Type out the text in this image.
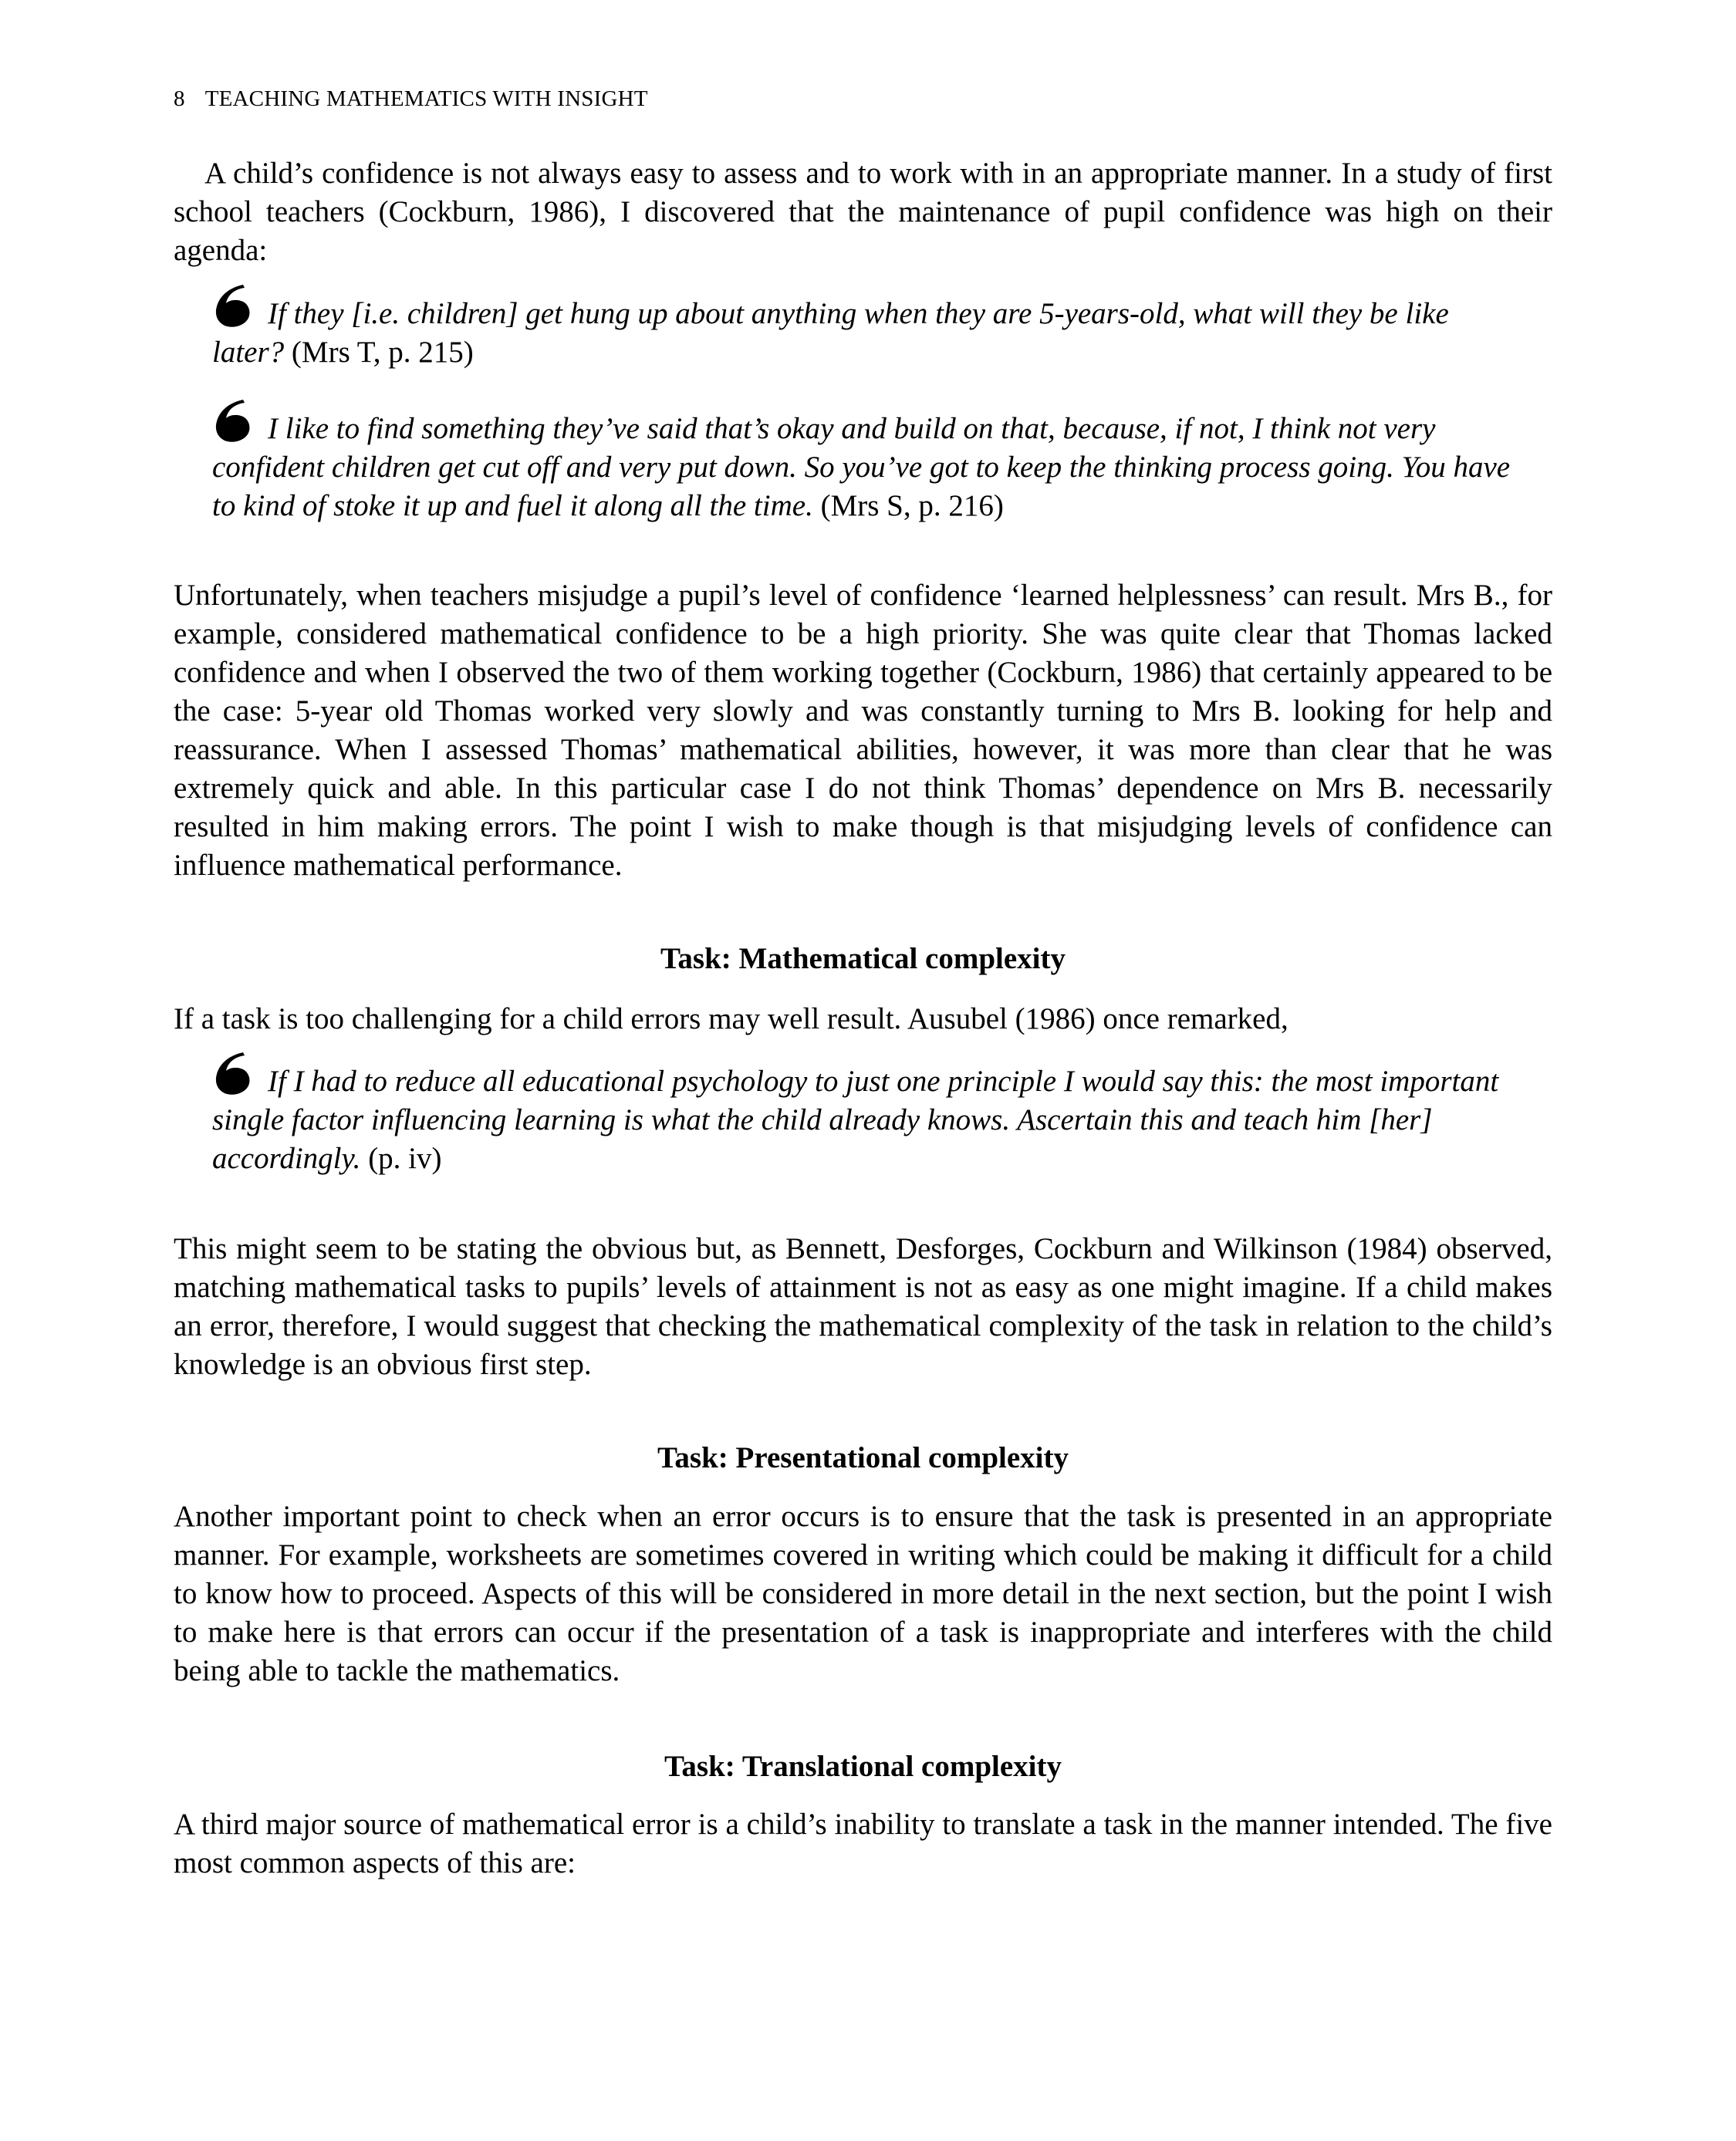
8 TEACHING MATHEMATICS WITH INSIGHT

A child’s confidence is not always easy to assess and to work with in an appropriate manner. In a study of first school teachers (Cockburn, 1986), I discovered that the maintenance of pupil confidence was high on their agenda:

If they [i.e. children] get hung up about anything when they are 5-years-old, what will they be like later? (Mrs T, p. 215)
I like to find something they’ve said that’s okay and build on that, because, if not, I think not very confident children get cut off and very put down. So you’ve got to keep the thinking process going. You have to kind of stoke it up and fuel it along all the time. (Mrs S, p. 216)

Unfortunately, when teachers misjudge a pupil’s level of confidence ‘learned helplessness’ can result. Mrs B., for example, considered mathematical confidence to be a high priority. She was quite clear that Thomas lacked confidence and when I observed the two of them working together (Cockburn, 1986) that certainly appeared to be the case: 5-year old Thomas worked very slowly and was constantly turning to Mrs B. looking for help and reassurance. When I assessed Thomas’ mathematical abilities, however, it was more than clear that he was extremely quick and able. In this particular case I do not think Thomas’ dependence on Mrs B. necessarily resulted in him making errors. The point I wish to make though is that misjudging levels of confidence can influence mathematical performance.

Task: Mathematical complexity

If a task is too challenging for a child errors may well result. Ausubel (1986) once remarked,

If I had to reduce all educational psychology to just one principle I would say this: the most important single factor influencing learning is what the child already knows. Ascertain this and teach him [her] accordingly. (p. iv)

This might seem to be stating the obvious but, as Bennett, Desforges, Cockburn and Wilkinson (1984) observed, matching mathematical tasks to pupils’ levels of attainment is not as easy as one might imagine. If a child makes an error, therefore, I would suggest that checking the mathematical complexity of the task in relation to the child’s knowledge is an obvious first step.

Task: Presentational complexity

Another important point to check when an error occurs is to ensure that the task is presented in an appropriate manner. For example, worksheets are sometimes covered in writing which could be making it difficult for a child to know how to proceed. Aspects of this will be considered in more detail in the next section, but the point I wish to make here is that errors can occur if the presentation of a task is inappropriate and interferes with the child being able to tackle the mathematics.

Task: Translational complexity

A third major source of mathematical error is a child’s inability to translate a task in the manner intended. The five most common aspects of this are:
